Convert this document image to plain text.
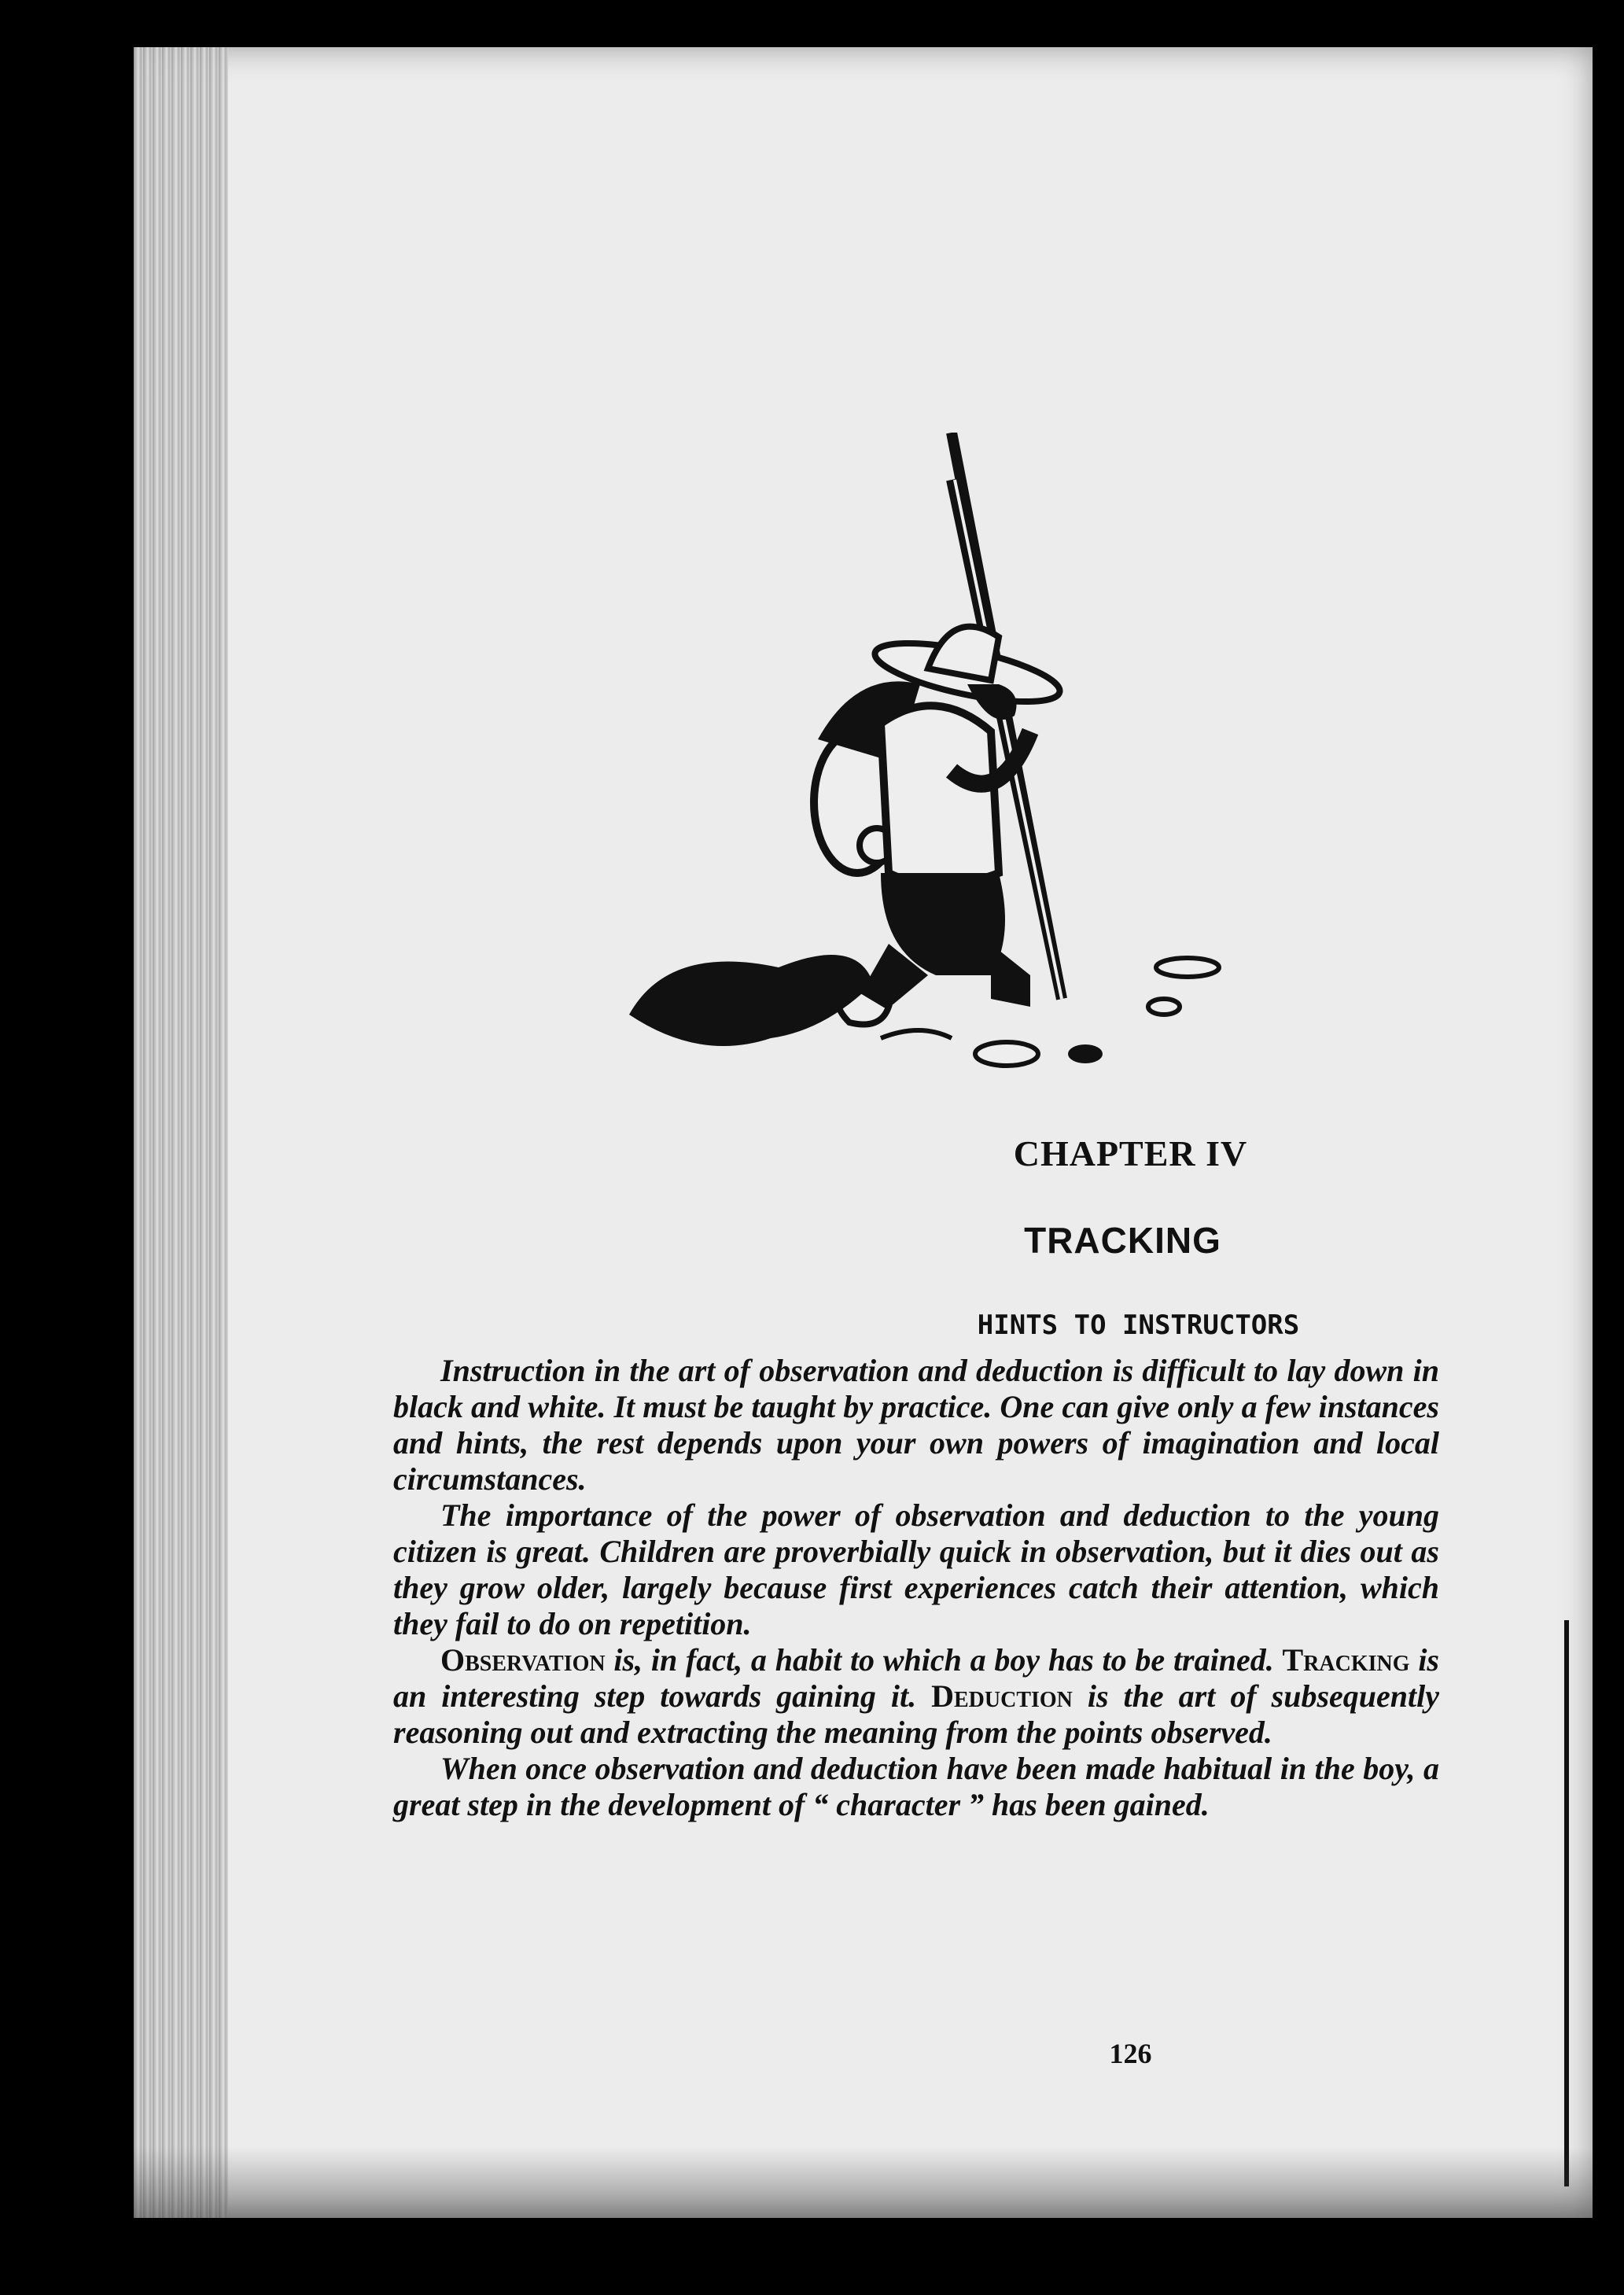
CHAPTER IV
TRACKING
HINTS TO INSTRUCTORS

Instruction in the art of observation and deduction is difficult to lay down in black and white. It must be taught by practice. One can give only a few instances and hints, the rest depends upon your own powers of imagination and local circumstances.

The importance of the power of observation and deduction to the young citizen is great. Children are proverbially quick in observation, but it dies out as they grow older, largely because first experiences catch their attention, which they fail to do on repetition.

Observation is, in fact, a habit to which a boy has to be trained. Tracking is an interesting step towards gaining it. Deduction is the art of subsequently reasoning out and extracting the meaning from the points observed.

When once observation and deduction have been made habitual in the boy, a great step in the development of “ character ” has been gained.

126
